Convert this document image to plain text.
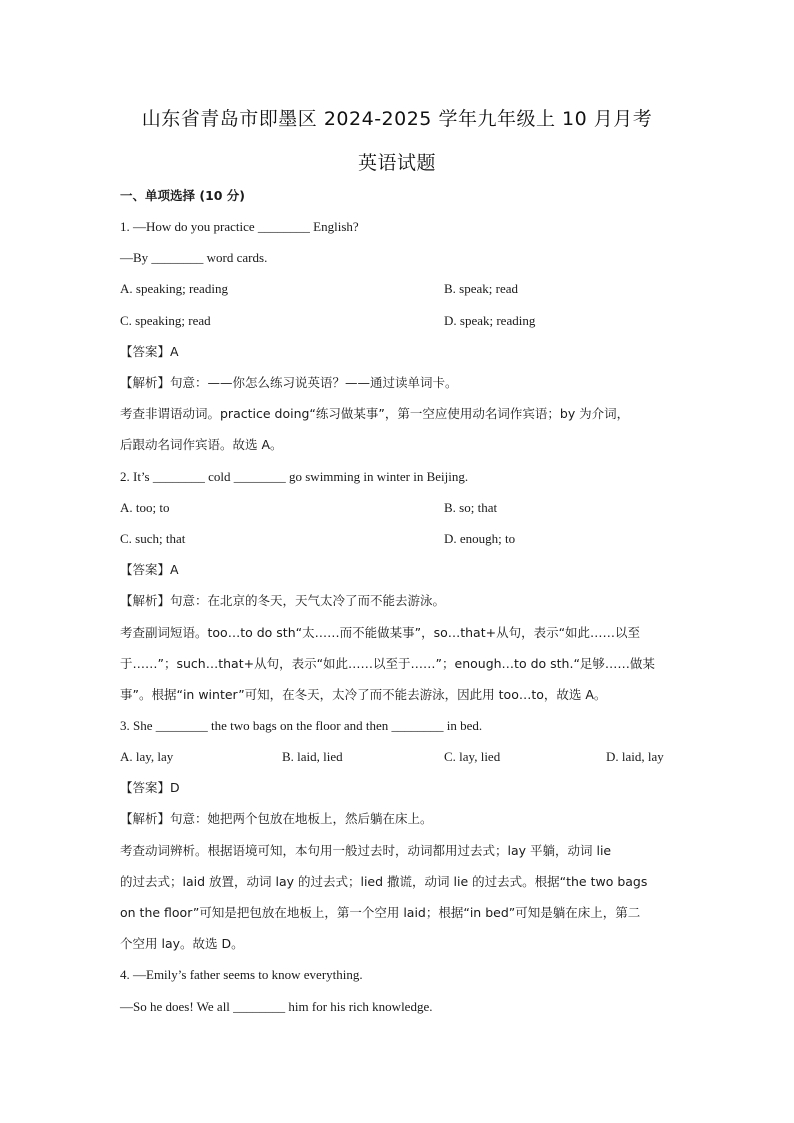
山东省青岛市即墨区 2024-2025 学年九年级上 10 月月考
英语试题
一、单项选择 (10 分)
1. —How do you practice ________ English?
—By ________ word cards.
A. speaking; reading	B. speak; read
C. speaking; read	D. speak; reading
【答案】A
【解析】句意：——你怎么练习说英语？——通过读单词卡。
考查非谓语动词。practice doing“练习做某事”，第一空应使用动名词作宾语；by 为介词，
后跟动名词作宾语。故选 A。
2. It’s ________ cold ________ go swimming in winter in Beijing.
A. too; to	B. so; that
C. such; that	D. enough; to
【答案】A
【解析】句意：在北京的冬天，天气太冷了而不能去游泳。
考查副词短语。too…to do sth“太……而不能做某事”，so…that+从句，表示“如此……以至
于……”；such…that+从句，表示“如此……以至于……”；enough…to do sth.“足够……做某
事”。根据“in winter”可知，在冬天，太冷了而不能去游泳，因此用 too…to，故选 A。
3. She ________ the two bags on the floor and then ________ in bed.
A. lay, lay	B. laid, lied	C. lay, lied	D. laid, lay
【答案】D
【解析】句意：她把两个包放在地板上，然后躺在床上。
考查动词辨析。根据语境可知，本句用一般过去时，动词都用过去式；lay 平躺，动词 lie
的过去式；laid 放置，动词 lay 的过去式；lied 撒谎，动词 lie 的过去式。根据“the two bags
on the floor”可知是把包放在地板上，第一个空用 laid；根据“in bed”可知是躺在床上，第二
个空用 lay。故选 D。
4. —Emily’s father seems to know everything.
—So he does! We all ________ him for his rich knowledge.
